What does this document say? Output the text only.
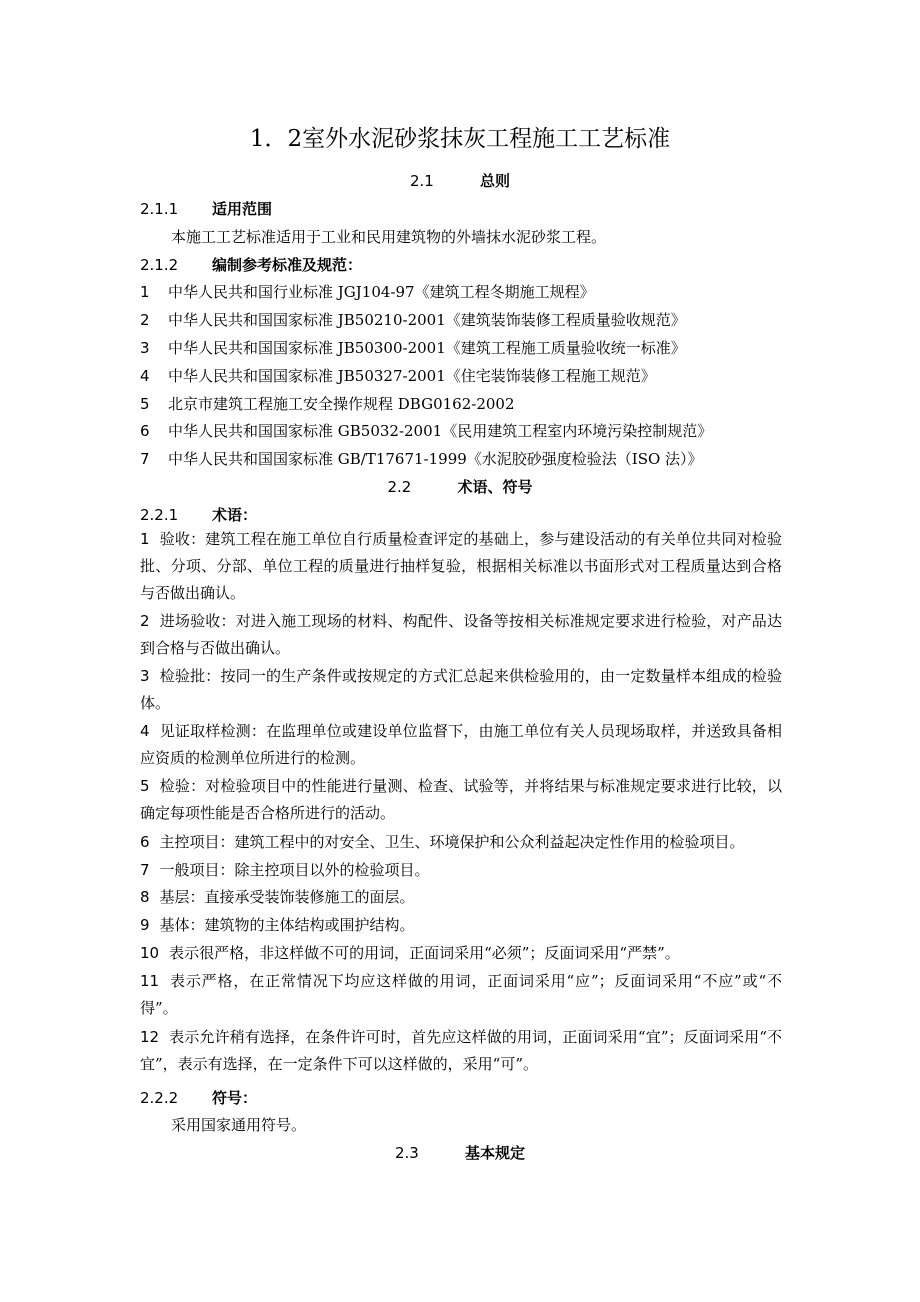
1．2室外水泥砂浆抹灰工程施工工艺标准
2.1	总则
2.1.1 适用范围
本施工工艺标准适用于工业和民用建筑物的外墙抹水泥砂浆工程。
2.1.2 编制参考标准及规范：
1 中华人民共和国行业标准 JGJ104-97《建筑工程冬期施工规程》
2 中华人民共和国国家标准 JB50210-2001《建筑装饰装修工程质量验收规范》
3 中华人民共和国国家标准 JB50300-2001《建筑工程施工质量验收统一标准》
4 中华人民共和国国家标准 JB50327-2001《住宅装饰装修工程施工规范》
5 北京市建筑工程施工安全操作规程 DBG0162-2002
6 中华人民共和国国家标准 GB5032-2001《民用建筑工程室内环境污染控制规范》
7 中华人民共和国国家标准 GB/T17671-1999《水泥胶砂强度检验法（ISO 法）》
2.2	术语、符号
2.2.1 术语：
1 验收：建筑工程在施工单位自行质量检查评定的基础上，参与建设活动的有关单位共同对检验批、分项、分部、单位工程的质量进行抽样复验，根据相关标准以书面形式对工程质量达到合格与否做出确认。
2 进场验收：对进入施工现场的材料、构配件、设备等按相关标准规定要求进行检验，对产品达到合格与否做出确认。
3 检验批：按同一的生产条件或按规定的方式汇总起来供检验用的，由一定数量样本组成的检验体。
4 见证取样检测：在监理单位或建设单位监督下，由施工单位有关人员现场取样，并送致具备相应资质的检测单位所进行的检测。
5 检验：对检验项目中的性能进行量测、检查、试验等，并将结果与标准规定要求进行比较，以确定每项性能是否合格所进行的活动。
6 主控项目：建筑工程中的对安全、卫生、环境保护和公众利益起决定性作用的检验项目。
7 一般项目：除主控项目以外的检验项目。
8 基层：直接承受装饰装修施工的面层。
9 基体：建筑物的主体结构或围护结构。
10 表示很严格，非这样做不可的用词，正面词采用“必须”；反面词采用“严禁”。
11 表示严格，在正常情况下均应这样做的用词，正面词采用“应”；反面词采用“不应”或“不得”。
12 表示允许稍有选择，在条件许可时，首先应这样做的用词，正面词采用“宜”；反面词采用“不宜”，表示有选择，在一定条件下可以这样做的，采用“可”。
2.2.2 符号：
采用国家通用符号。
2.3	基本规定
